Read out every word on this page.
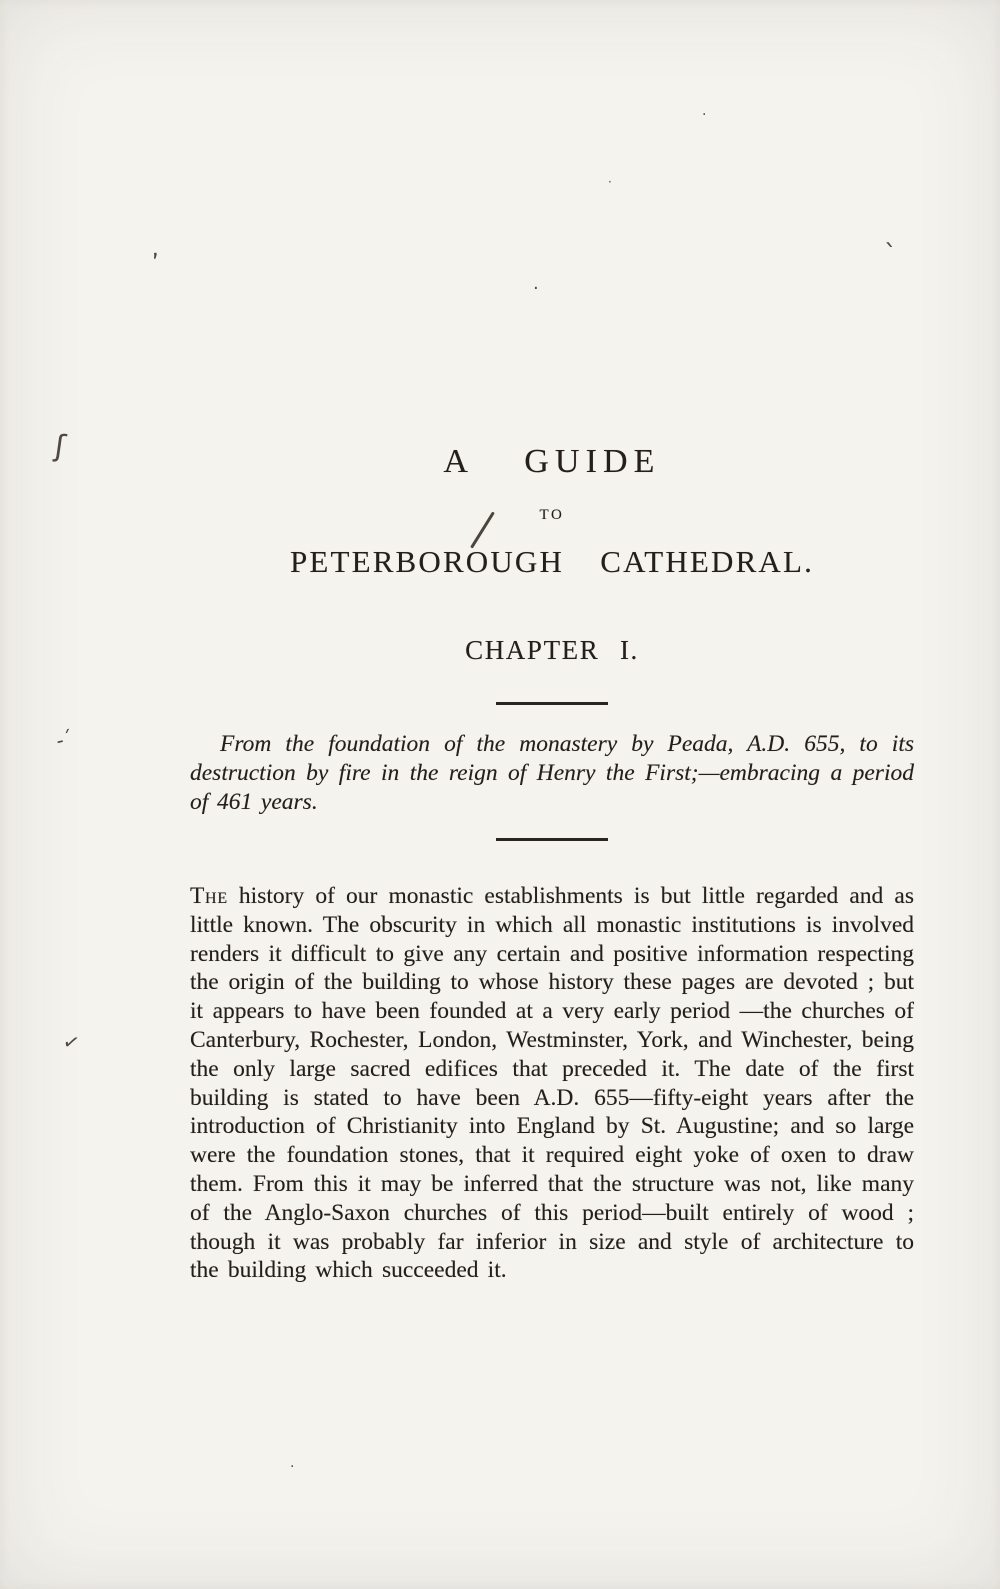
A GUIDE
TO
PETERBOROUGH CATHEDRAL.
CHAPTER I.

From the foundation of the monastery by Peada, A.D. 655, to its destruction by fire in the reign of Henry the First;—embracing a period of 461 years.

The history of our monastic establishments is but little regarded and as little known. The obscurity in which all monastic institutions is involved renders it difficult to give any certain and positive information respecting the origin of the building to whose history these pages are devoted ; but it appears to have been founded at a very early period —the churches of Canterbury, Rochester, London, Westminster, York, and Winchester, being the only large sacred edifices that preceded it. The date of the first building is stated to have been A.D. 655—fifty-eight years after the introduction of Christianity into England by St. Augustine; and so large were the foundation stones, that it required eight yoke of oxen to draw them. From this it may be inferred that the structure was not, like many of the Anglo-Saxon churches of this period—built entirely of wood ; though it was probably far inferior in size and style of architecture to the building which succeeded it.

‚
ʃ
`
·
-ˊ
✓
·
·
·
